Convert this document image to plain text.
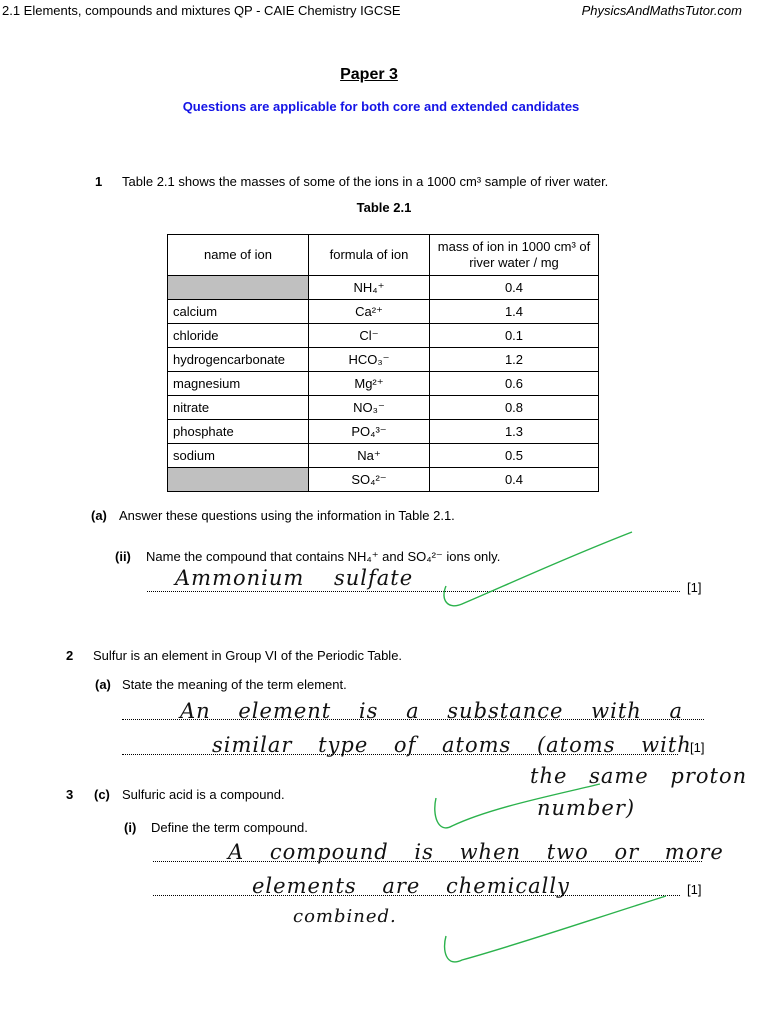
2.1 Elements, compounds and mixtures QP - CAIE Chemistry IGCSE	PhysicsAndMathsTutor.com
Paper 3
Questions are applicable for both core and extended candidates
1 Table 2.1 shows the masses of some of the ions in a 1000 cm³ sample of river water.
Table 2.1
name of ion	formula of ion	mass of ion in 1000 cm³ of river water / mg
	NH₄⁺	0.4
calcium	Ca²⁺	1.4
chloride	Cl⁻	0.1
hydrogencarbonate	HCO₃⁻	1.2
magnesium	Mg²⁺	0.6
nitrate	NO₃⁻	0.8
phosphate	PO₄³⁻	1.3
sodium	Na⁺	0.5
	SO₄²⁻	0.4
(a) Answer these questions using the information in Table 2.1.
(ii) Name the compound that contains NH₄⁺ and SO₄²⁻ ions only.
Ammonium sulfate	[1]
2 Sulfur is an element in Group VI of the Periodic Table.
(a) State the meaning of the term element.
An element is a substance with a
similar type of atoms (atoms with
the same proton
number)
[1]
3 (c) Sulfuric acid is a compound.
(i) Define the term compound.
A compound is when two or more
elements are chemically
combined.
[1]
